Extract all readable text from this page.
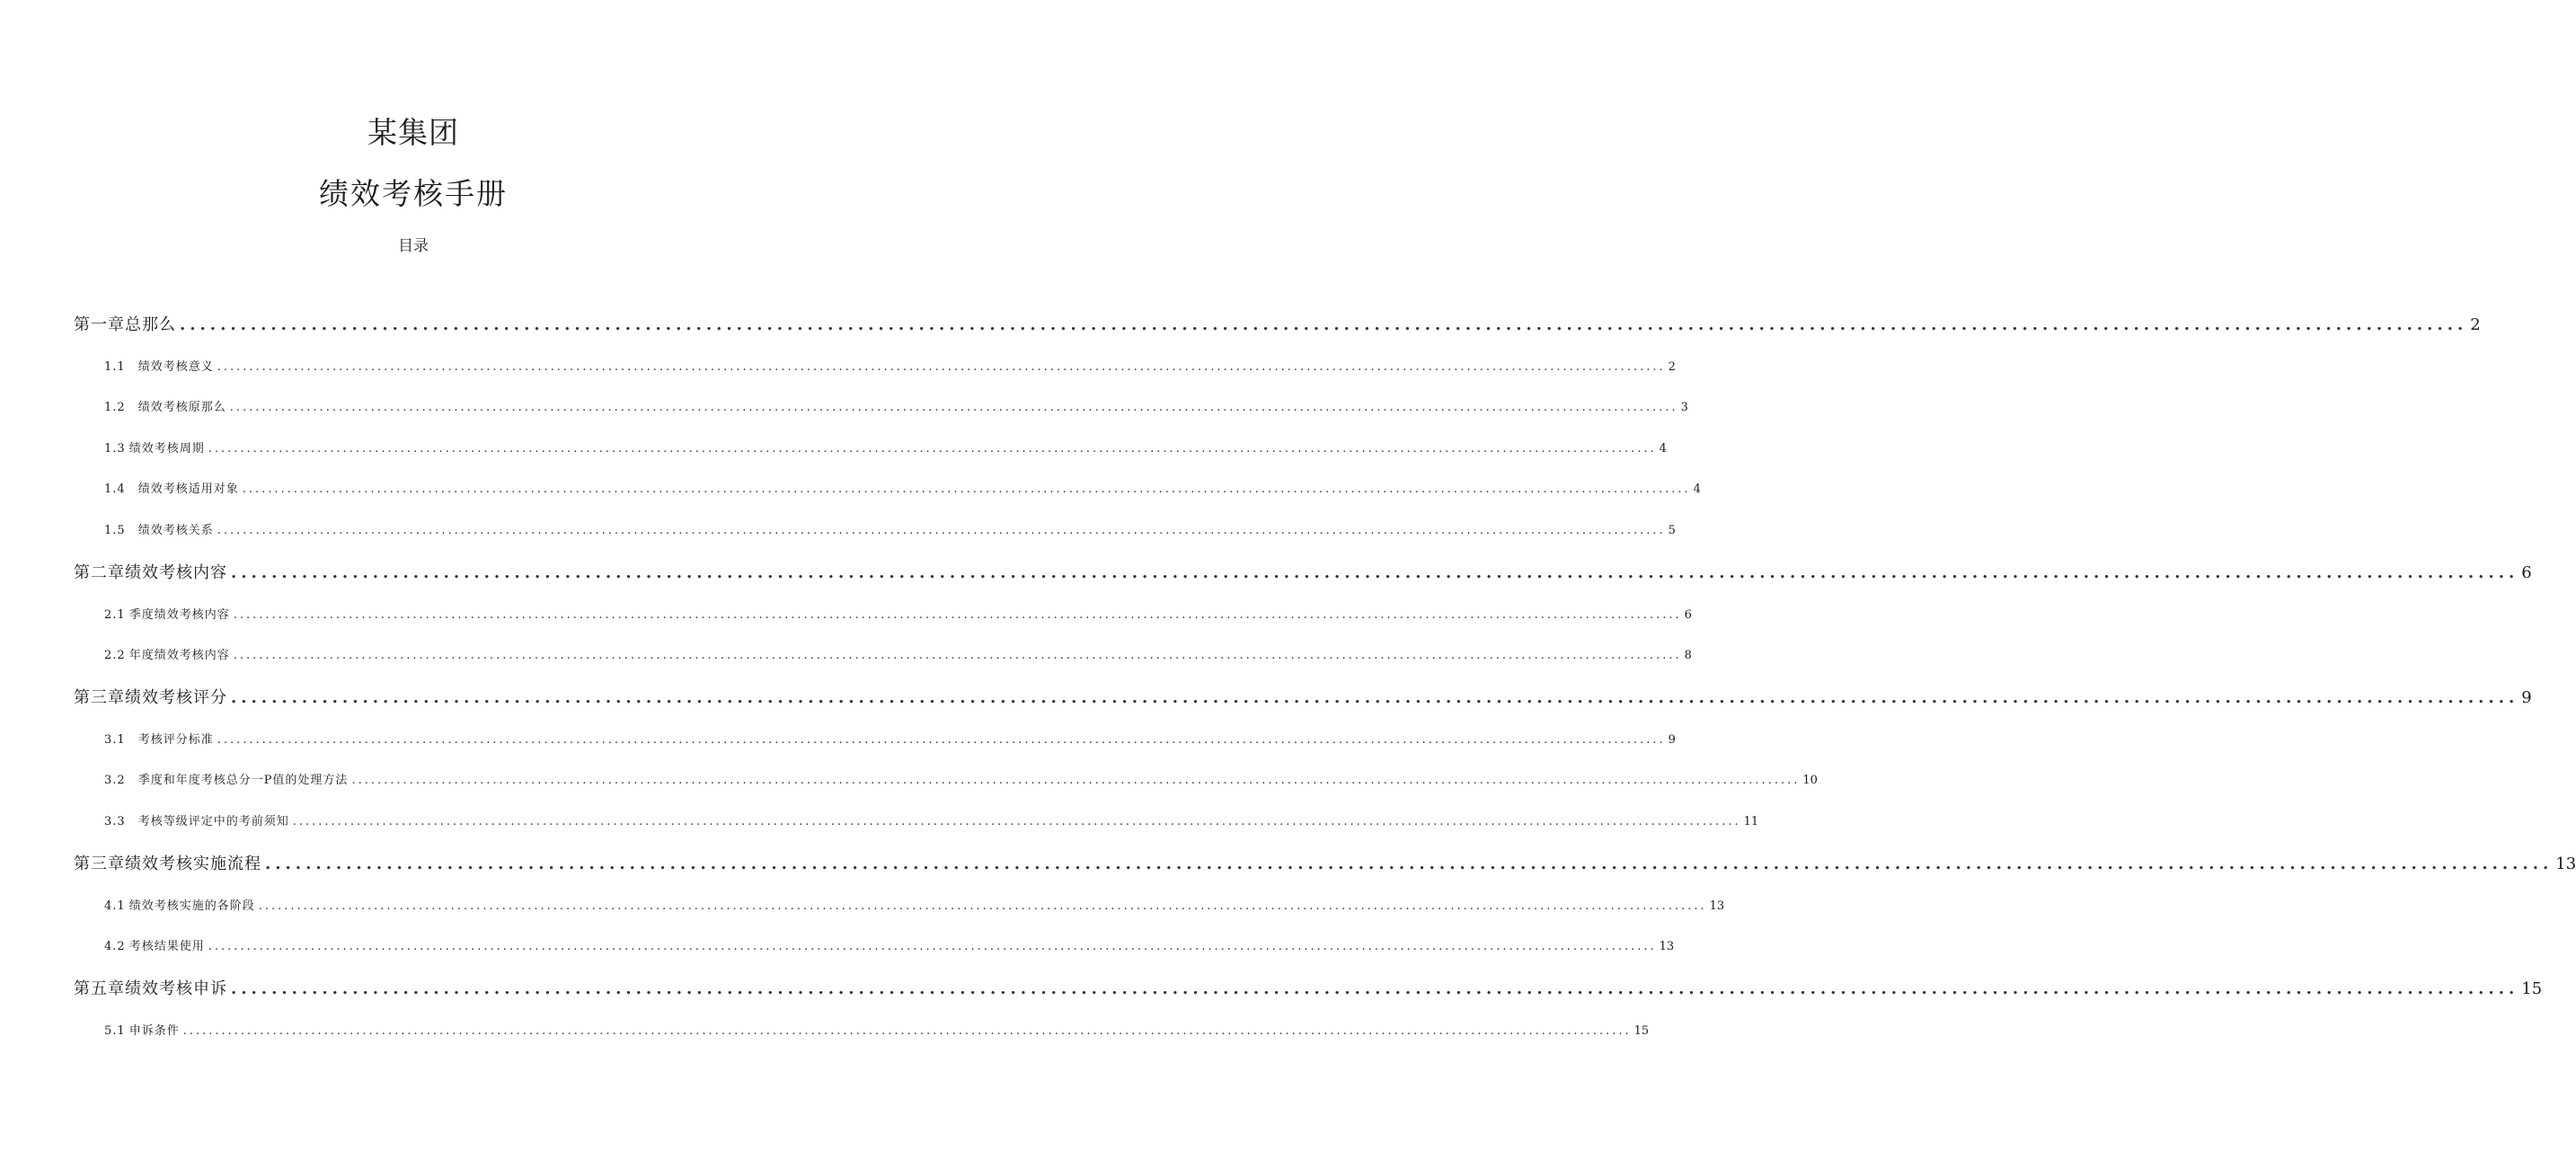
某集团
绩效考核手册
目录
第一章总那么 .................................................................................................................................................................................................................................. 2
1.1 绩效考核意义 .................................................................................................................................................................................................................................. 2
1.2 绩效考核原那么 .................................................................................................................................................................................................................................. 3
1.3 绩效考核周期 .................................................................................................................................................................................................................................. 4
1.4 绩效考核适用对象 .................................................................................................................................................................................................................................. 4
1.5 绩效考核关系 .................................................................................................................................................................................................................................. 5
第二章绩效考核内容 .................................................................................................................................................................................................................................. 6
2.1 季度绩效考核内容 .................................................................................................................................................................................................................................. 6
2.2 年度绩效考核内容 .................................................................................................................................................................................................................................. 8
第三章绩效考核评分 .................................................................................................................................................................................................................................. 9
3.1 考核评分标准 .................................................................................................................................................................................................................................. 9
3.2 季度和年度考核总分一P值的处理方法 .................................................................................................................................................................................................................................. 10
3.3 考核等级评定中的考前须知 .................................................................................................................................................................................................................................. 11
第三章绩效考核实施流程 .................................................................................................................................................................................................................................. 13
4.1 绩效考核实施的各阶段 .................................................................................................................................................................................................................................. 13
4.2 考核结果使用 .................................................................................................................................................................................................................................. 13
第五章绩效考核申诉 .................................................................................................................................................................................................................................. 15
5.1 申诉条件 .................................................................................................................................................................................................................................. 15
